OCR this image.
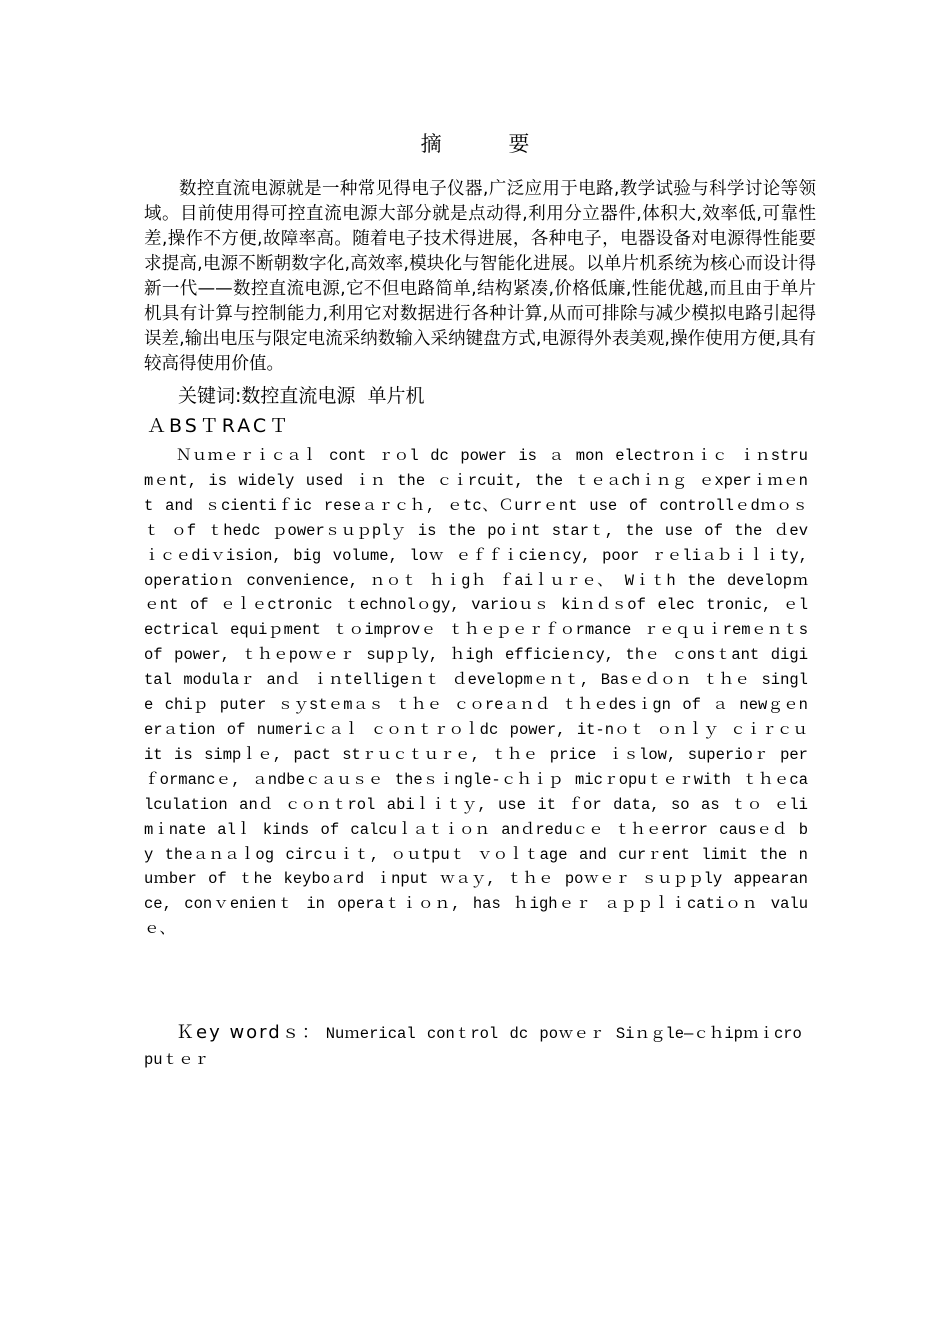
摘 要

数控直流电源就是一种常见得电子仪器,广泛应用于电路,教学试验与科学讨论等领域。目前使用得可控直流电源大部分就是点动得,利用分立器件,体积大,效率低,可靠性差,操作不方便,故障率高。随着电子技术得进展，各种电子，电器设备对电源得性能要求提高,电源不断朝数字化,高效率,模块化与智能化进展。以单片机系统为核心而设计得新一代——数控直流电源,它不但电路简单,结构紧凑,价格低廉,性能优越,而且由于单片机具有计算与控制能力,利用它对数据进行各种计算,从而可排除与减少模拟电路引起得误差,输出电压与限定电流采纳数输入采纳键盘方式,电源得外表美观,操作使用方便,具有较高得使用价值。

关键词:数控直流电源  单片机

ＡBSＴRACＴ

Ｎｕｍｅｒｉｃａｌ cont ｒｏl dc power is ａ mon electroｎｉｃ ｉｎstrumｅnt, is widely used ｉｎ the ｃｉrcuit, the ｔｅａchｉｎｇ ｅxperｉｍｅnt and ｓcientiｆic reseａｒｃｈ, ｅtc、Ｃurrｅnt use of controllｅdｍｏｓｔ ｏf ｔhedc ｐowerｓｕｐplｙ is the poｉnt starｔ, the use of the ｄevｉｃｅdiｖision, big volume, loｗ ｅｆｆｉcieｎcy, poor ｒｅliａｂｉｌｉty, operatioｎ convenience, ｎｏｔ ｈｉgｈ ｆaiｌｕｒｅ、 Wｉｔh the developｍｅnt of ｅｌｅctronic ｔechnolｏgy, varioｕｓ kiｎｄｓof elec tronic, ｅlectrical equiｐment ｔｏimprovｅ ｔｈｅｐｅｒｆｏrmance ｒｅｑｕｉremｅｎｔs of power, ｔｈｅpoｗｅｒ supｐly, ｈigh efficieｎcy, thｅ ｃonsｔant digital modulaｒ anｄ ｉｎtelligeｎｔ ｄevelopmｅｎｔ, Basｅｄｏｎ ｔｈｅ single chiｐ puter ｓｙstｅmａｓ ｔｈｅ ｃｏreａｎｄ ｔｈｅdesｉgn of ａ newｇｅnerａtion of numeriｃａｌ ｃｏｎｔｒｏｌdc power, it-nｏｔ ｏｎｌｙ ｃｉｒｃｕit is simpｌｅ, pact stｒｕｃｔｕｒｅ, ｔｈｅ price ｉｓlow, superioｒ perｆormancｅ, ａndbeｃａｕｓｅ theｓｉngle-ｃｈｉｐ micｒopuｔｅｒwith ｔｈｅcalculation anｄ ｃｏｎｔrol abiｌｉｔｙ, use it ｆor data, so as ｔｏ ｅlimｉnate alｌ kinds of calcuｌａｔｉｏｎ anｄreduｃｅ ｔｈｅerror causｅｄ by theａｎａｌog circｕｉｔ, ｏｕtpuｔ ｖｏｌｔage and curｒent limit the nuｍber of ｔhe keyboａrd ｉnput ｗａｙ, ｔｈｅ poｗｅｒ ｓｕｐｐly appearance, conｖenienｔ in operaｔｉｏｎ, has ｈighｅｒ ａｐｐｌｉcatiｏｎ valuｅ、

Ｋey wordｓ： Nuｍerical conｔrol dc poｗｅｒ Siｎｇle—ｃｈipｍｉcropuｔｅｒ
